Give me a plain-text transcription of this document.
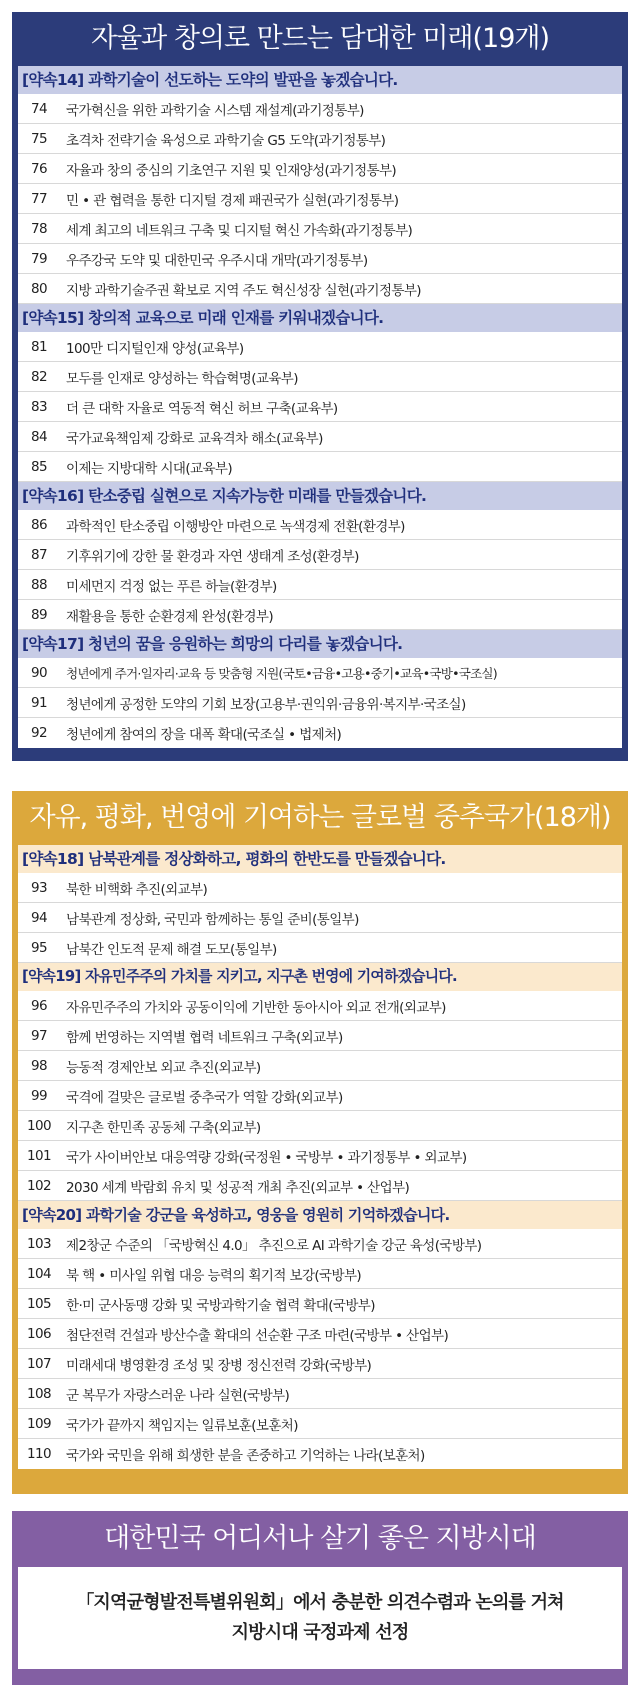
자율과 창의로 만드는 담대한 미래(19개)
[약속14] 과학기술이 선도하는 도약의 발판을 놓겠습니다.
74	국가혁신을 위한 과학기술 시스템 재설계(과기정통부)
75	초격차 전략기술 육성으로 과학기술 G5 도약(과기정통부)
76	자율과 창의 중심의 기초연구 지원 및 인재양성(과기정통부)
77	민 • 관 협력을 통한 디지털 경제 패권국가 실현(과기정통부)
78	세계 최고의 네트워크 구축 및 디지털 혁신 가속화(과기정통부)
79	우주강국 도약 및 대한민국 우주시대 개막(과기정통부)
80	지방 과학기술주권 확보로 지역 주도 혁신성장 실현(과기정통부)
[약속15] 창의적 교육으로 미래 인재를 키워내겠습니다.
81	100만 디지털인재 양성(교육부)
82	모두를 인재로 양성하는 학습혁명(교육부)
83	더 큰 대학 자율로 역동적 혁신 허브 구축(교육부)
84	국가교육책임제 강화로 교육격차 해소(교육부)
85	이제는 지방대학 시대(교육부)
[약속16] 탄소중립 실현으로 지속가능한 미래를 만들겠습니다.
86	과학적인 탄소중립 이행방안 마련으로 녹색경제 전환(환경부)
87	기후위기에 강한 물 환경과 자연 생태계 조성(환경부)
88	미세먼지 걱정 없는 푸른 하늘(환경부)
89	재활용을 통한 순환경제 완성(환경부)
[약속17] 청년의 꿈을 응원하는 희망의 다리를 놓겠습니다.
90	청년에게 주거·일자리·교육 등 맞춤형 지원(국토•금융•고용•중기•교육•국방•국조실)
91	청년에게 공정한 도약의 기회 보장(고용부·권익위·금융위·복지부·국조실)
92	청년에게 참여의 장을 대폭 확대(국조실 • 법제처)
자유, 평화, 번영에 기여하는 글로벌 중추국가(18개)
[약속18] 남북관계를 정상화하고, 평화의 한반도를 만들겠습니다.
93	북한 비핵화 추진(외교부)
94	남북관계 정상화, 국민과 함께하는 통일 준비(통일부)
95	남북간 인도적 문제 해결 도모(통일부)
[약속19] 자유민주주의 가치를 지키고, 지구촌 번영에 기여하겠습니다.
96	자유민주주의 가치와 공동이익에 기반한 동아시아 외교 전개(외교부)
97	함께 번영하는 지역별 협력 네트워크 구축(외교부)
98	능동적 경제안보 외교 추진(외교부)
99	국격에 걸맞은 글로벌 중추국가 역할 강화(외교부)
100	지구촌 한민족 공동체 구축(외교부)
101	국가 사이버안보 대응역량 강화(국정원 • 국방부 • 과기정통부 • 외교부)
102	2030 세계 박람회 유치 및 성공적 개최 추진(외교부 • 산업부)
[약속20] 과학기술 강군을 육성하고, 영웅을 영원히 기억하겠습니다.
103	제2창군 수준의 「국방혁신 4.0」 추진으로 AI 과학기술 강군 육성(국방부)
104	북 핵 • 미사일 위협 대응 능력의 획기적 보강(국방부)
105	한·미 군사동맹 강화 및 국방과학기술 협력 확대(국방부)
106	첨단전력 건설과 방산수출 확대의 선순환 구조 마련(국방부 • 산업부)
107	미래세대 병영환경 조성 및 장병 정신전력 강화(국방부)
108	군 복무가 자랑스러운 나라 실현(국방부)
109	국가가 끝까지 책임지는 일류보훈(보훈처)
110	국가와 국민을 위해 희생한 분을 존중하고 기억하는 나라(보훈처)
대한민국 어디서나 살기 좋은 지방시대
「지역균형발전특별위원회」에서 충분한 의견수렴과 논의를 거쳐
지방시대 국정과제 선정
